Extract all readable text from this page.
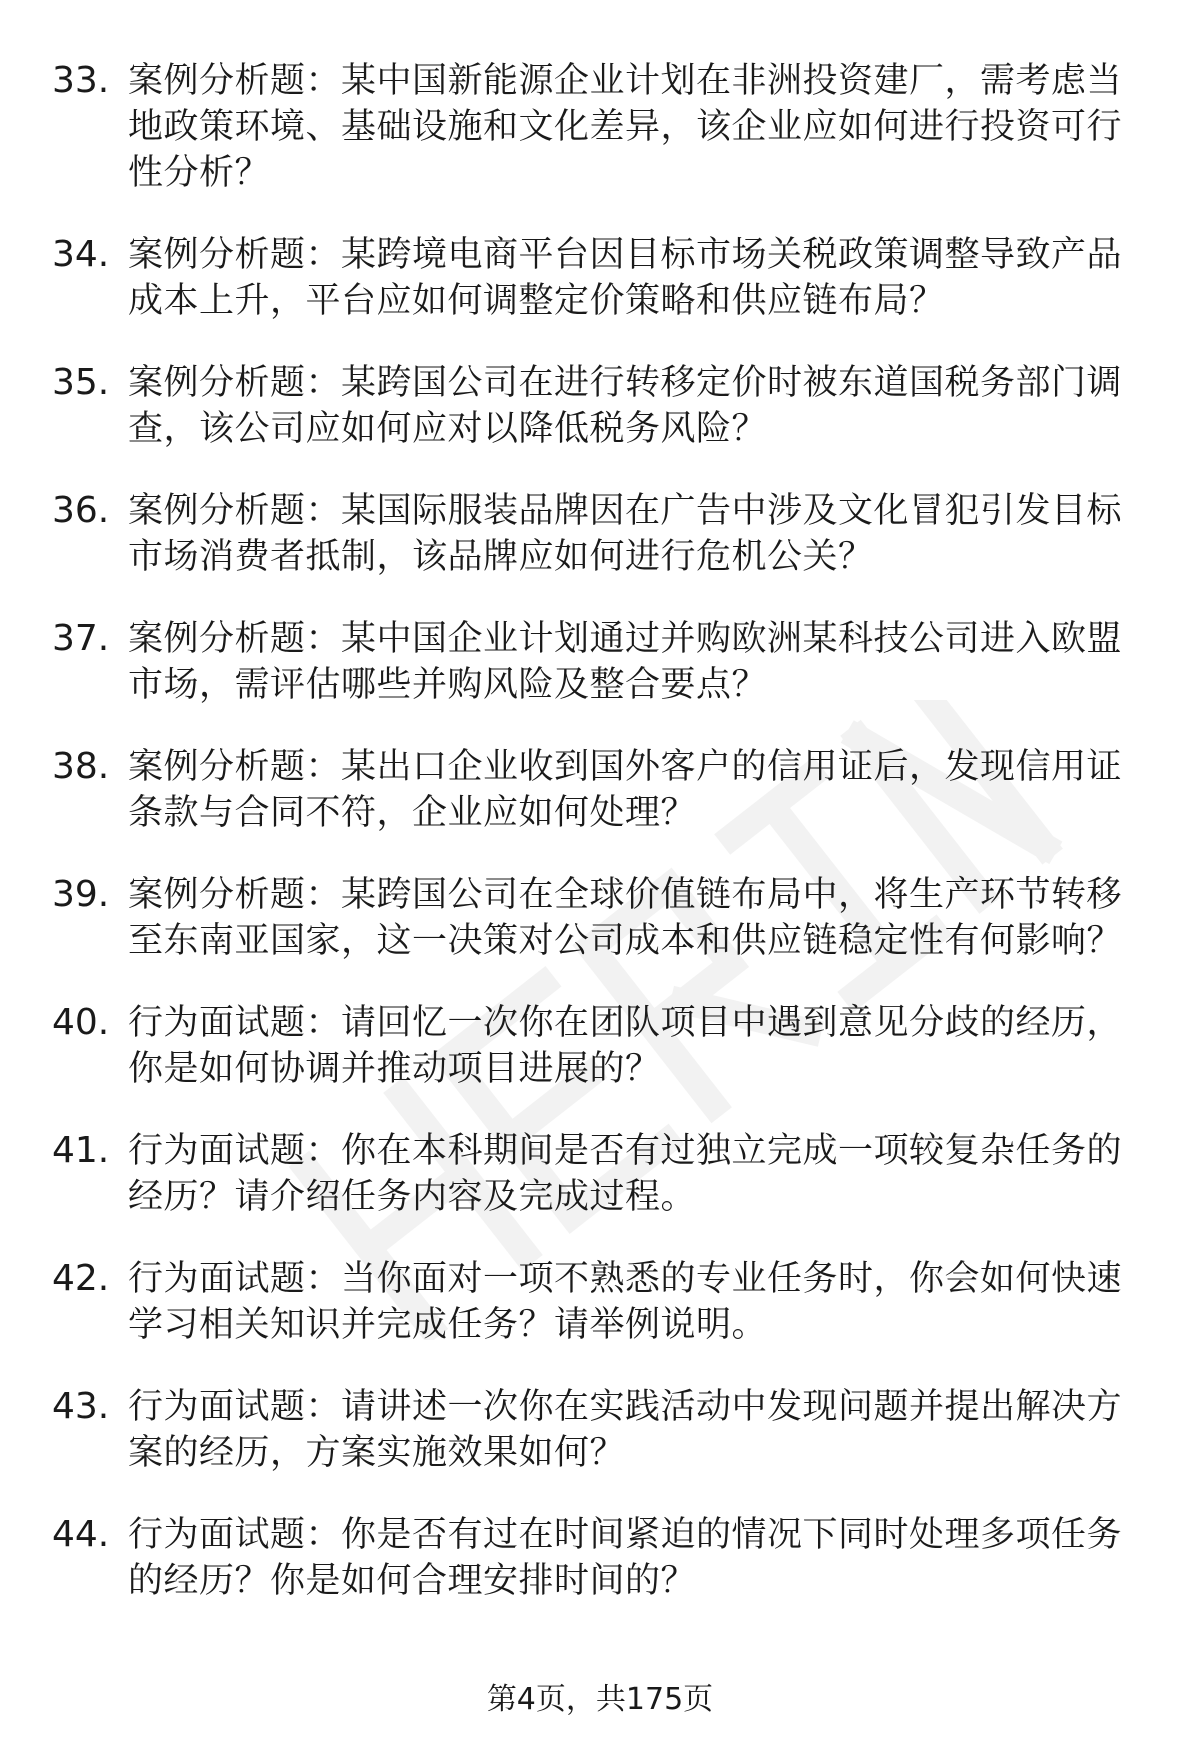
33. 案例分析题：某中国新能源企业计划在非洲投资建厂，需考虑当地政策环境、基础设施和文化差异，该企业应如何进行投资可行性分析？
34. 案例分析题：某跨境电商平台因目标市场关税政策调整导致产品成本上升，平台应如何调整定价策略和供应链布局？
35. 案例分析题：某跨国公司在进行转移定价时被东道国税务部门调查，该公司应如何应对以降低税务风险？
36. 案例分析题：某国际服装品牌因在广告中涉及文化冒犯引发目标市场消费者抵制，该品牌应如何进行危机公关？
37. 案例分析题：某中国企业计划通过并购欧洲某科技公司进入欧盟市场，需评估哪些并购风险及整合要点？
38. 案例分析题：某出口企业收到国外客户的信用证后，发现信用证条款与合同不符，企业应如何处理？
39. 案例分析题：某跨国公司在全球价值链布局中，将生产环节转移至东南亚国家，这一决策对公司成本和供应链稳定性有何影响？
40. 行为面试题：请回忆一次你在团队项目中遇到意见分歧的经历，你是如何协调并推动项目进展的？
41. 行为面试题：你在本科期间是否有过独立完成一项较复杂任务的经历？请介绍任务内容及完成过程。
42. 行为面试题：当你面对一项不熟悉的专业任务时，你会如何快速学习相关知识并完成任务？请举例说明。
43. 行为面试题：请讲述一次你在实践活动中发现问题并提出解决方案的经历，方案实施效果如何？
44. 行为面试题：你是否有过在时间紧迫的情况下同时处理多项任务的经历？你是如何合理安排时间的？
第4页，共175页
